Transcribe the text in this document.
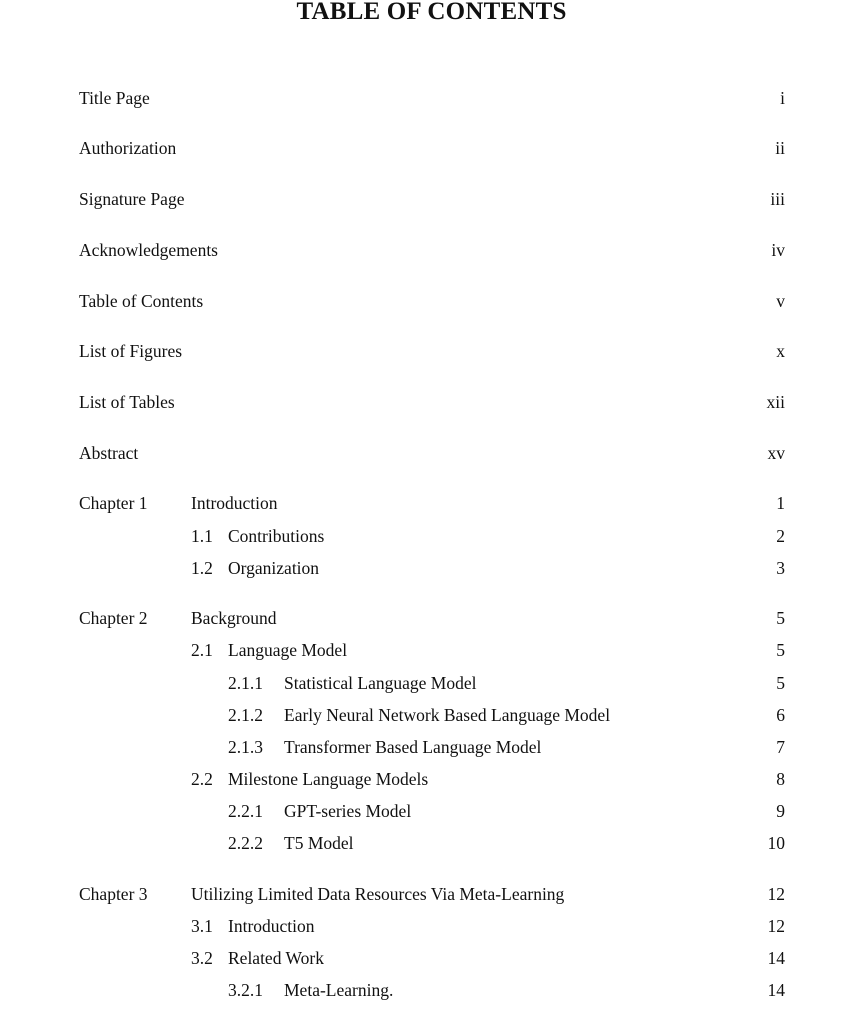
TABLE OF CONTENTS
Title Page	i
Authorization	ii
Signature Page	iii
Acknowledgements	iv
Table of Contents	v
List of Figures	x
List of Tables	xii
Abstract	xv
Chapter 1 Introduction	1
1.1 Contributions	2
1.2 Organization	3
Chapter 2 Background	5
2.1 Language Model	5
2.1.1 Statistical Language Model	5
2.1.2 Early Neural Network Based Language Model	6
2.1.3 Transformer Based Language Model	7
2.2 Milestone Language Models	8
2.2.1 GPT-series Model	9
2.2.2 T5 Model	10
Chapter 3 Utilizing Limited Data Resources Via Meta-Learning	12
3.1 Introduction	12
3.2 Related Work	14
3.2.1 Meta-Learning.	14
